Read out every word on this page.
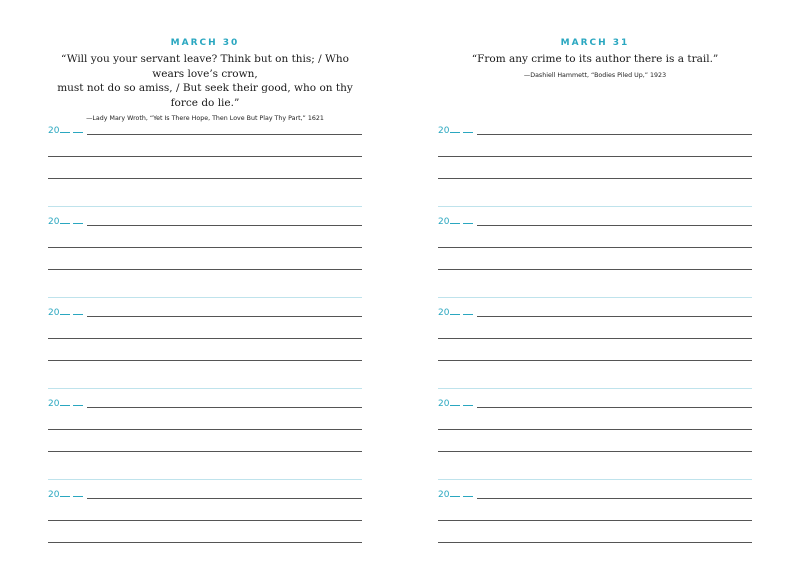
MARCH 30
“Will you your servant leave? Think but on this; / Who wears love’s crown,
must not do so amiss, / But seek their good, who on thy force do lie.”
—Lady Mary Wroth, “Yet Is There Hope, Then Love But Play Thy Part,” 1621
20
20
20
20
20
MARCH 31
“From any crime to its author there is a trail.”
—Dashiell Hammett, “Bodies Piled Up,” 1923
20
20
20
20
20
